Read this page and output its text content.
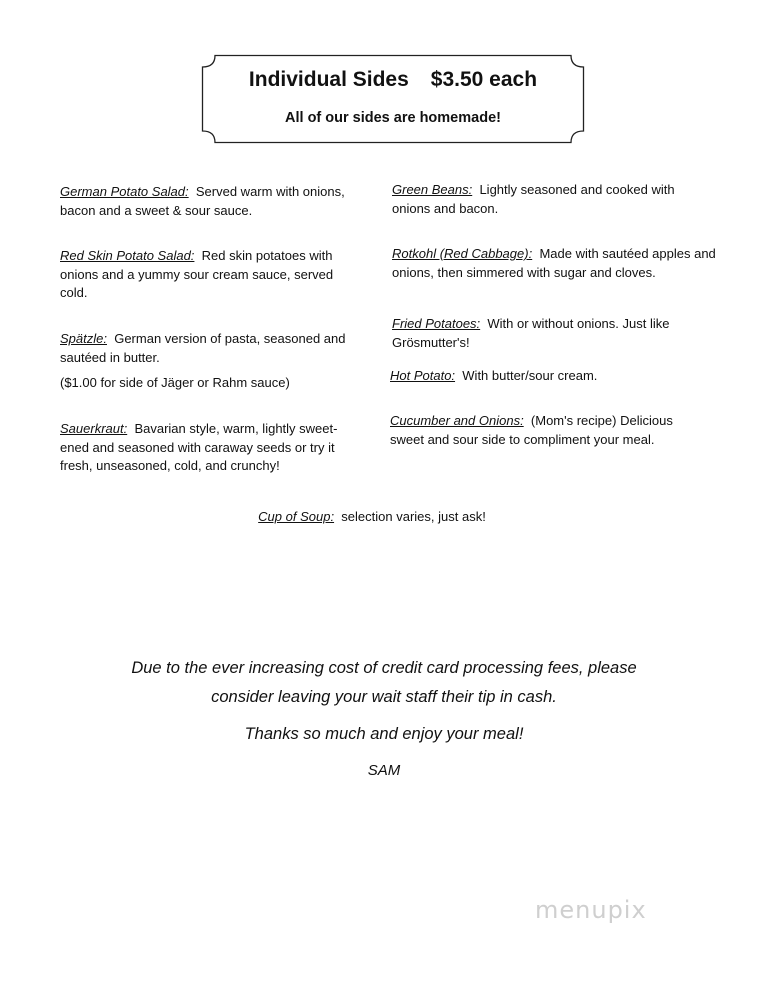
Individual Sides $3.50 each
All of our sides are homemade!
German Potato Salad: Served warm with onions, bacon and a sweet & sour sauce.
Red Skin Potato Salad: Red skin potatoes with onions and a yummy sour cream sauce, served cold.
Spätzle: German version of pasta, seasoned and sautéed in butter.
($1.00 for side of Jäger or Rahm sauce)
Sauerkraut: Bavarian style, warm, lightly sweet-ened and seasoned with caraway seeds or try it fresh, unseasoned, cold, and crunchy!
Green Beans: Lightly seasoned and cooked with onions and bacon.
Rotkohl (Red Cabbage): Made with sautéed apples and onions, then simmered with sugar and cloves.
Fried Potatoes: With or without onions. Just like Grösmutter's!
Hot Potato: With butter/sour cream.
Cucumber and Onions: (Mom's recipe) Delicious sweet and sour side to compliment your meal.
Cup of Soup: selection varies, just ask!
Due to the ever increasing cost of credit card processing fees, please
consider leaving your wait staff their tip in cash.
Thanks so much and enjoy your meal!
SAM
menupix
